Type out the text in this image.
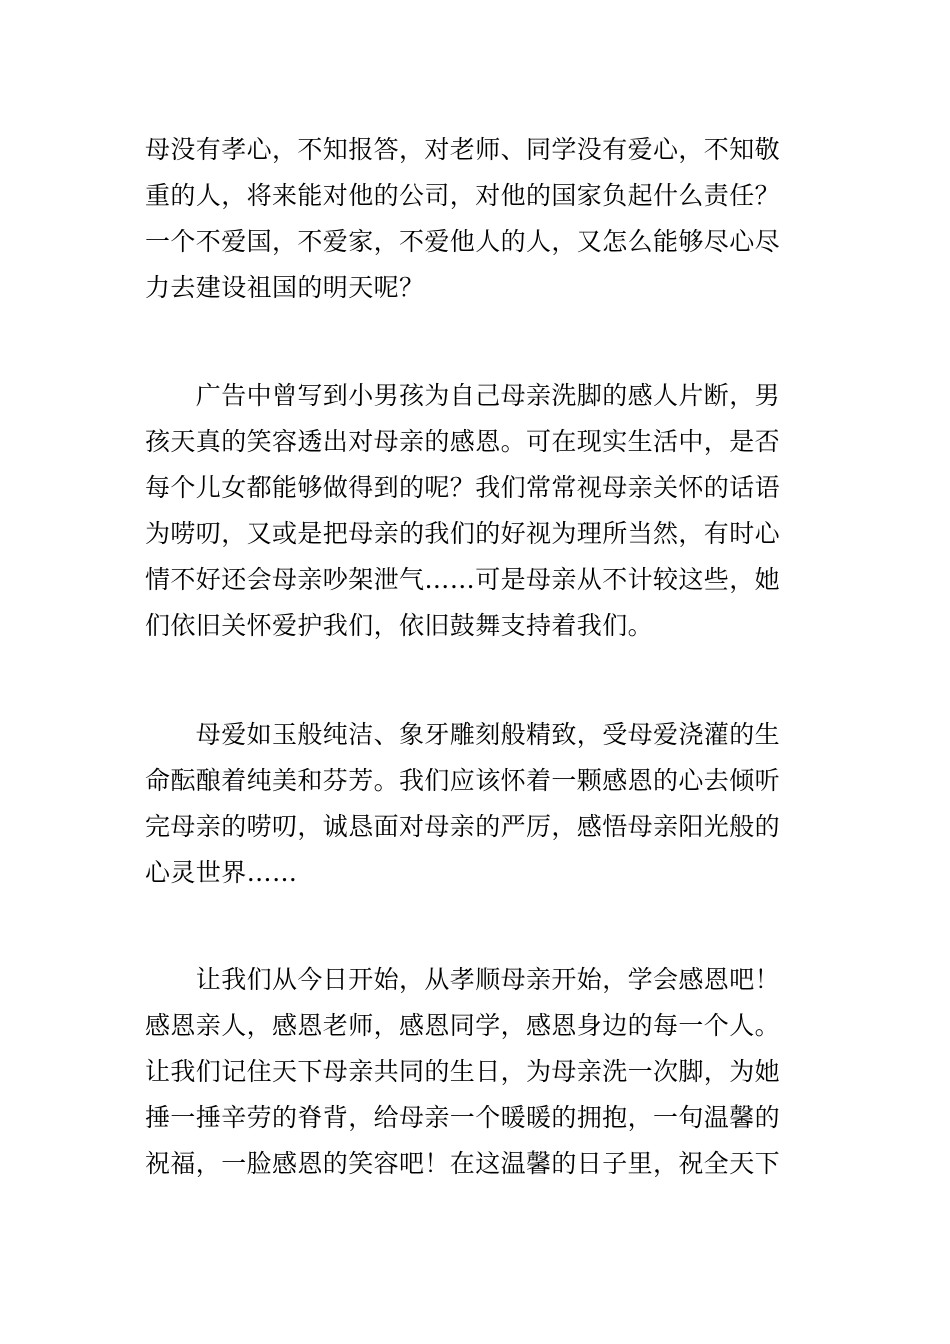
母没有孝心，不知报答，对老师、同学没有爱心，不知敬
重的人，将来能对他的公司，对他的国家负起什么责任？
一个不爱国，不爱家，不爱他人的人，又怎么能够尽心尽
力去建设祖国的明天呢？
　　广告中曾写到小男孩为自己母亲洗脚的感人片断，男
孩天真的笑容透出对母亲的感恩。可在现实生活中，是否
每个儿女都能够做得到的呢？我们常常视母亲关怀的话语
为唠叨，又或是把母亲的我们的好视为理所当然，有时心
情不好还会母亲吵架泄气……可是母亲从不计较这些，她
们依旧关怀爱护我们，依旧鼓舞支持着我们。
　　母爱如玉般纯洁、象牙雕刻般精致，受母爱浇灌的生
命酝酿着纯美和芬芳。我们应该怀着一颗感恩的心去倾听
完母亲的唠叨，诚恳面对母亲的严厉，感悟母亲阳光般的
心灵世界……
　　让我们从今日开始，从孝顺母亲开始，学会感恩吧！
感恩亲人，感恩老师，感恩同学，感恩身边的每一个人。
让我们记住天下母亲共同的生日，为母亲洗一次脚，为她
捶一捶辛劳的脊背，给母亲一个暖暖的拥抱，一句温馨的
祝福，一脸感恩的笑容吧！在这温馨的日子里，祝全天下
